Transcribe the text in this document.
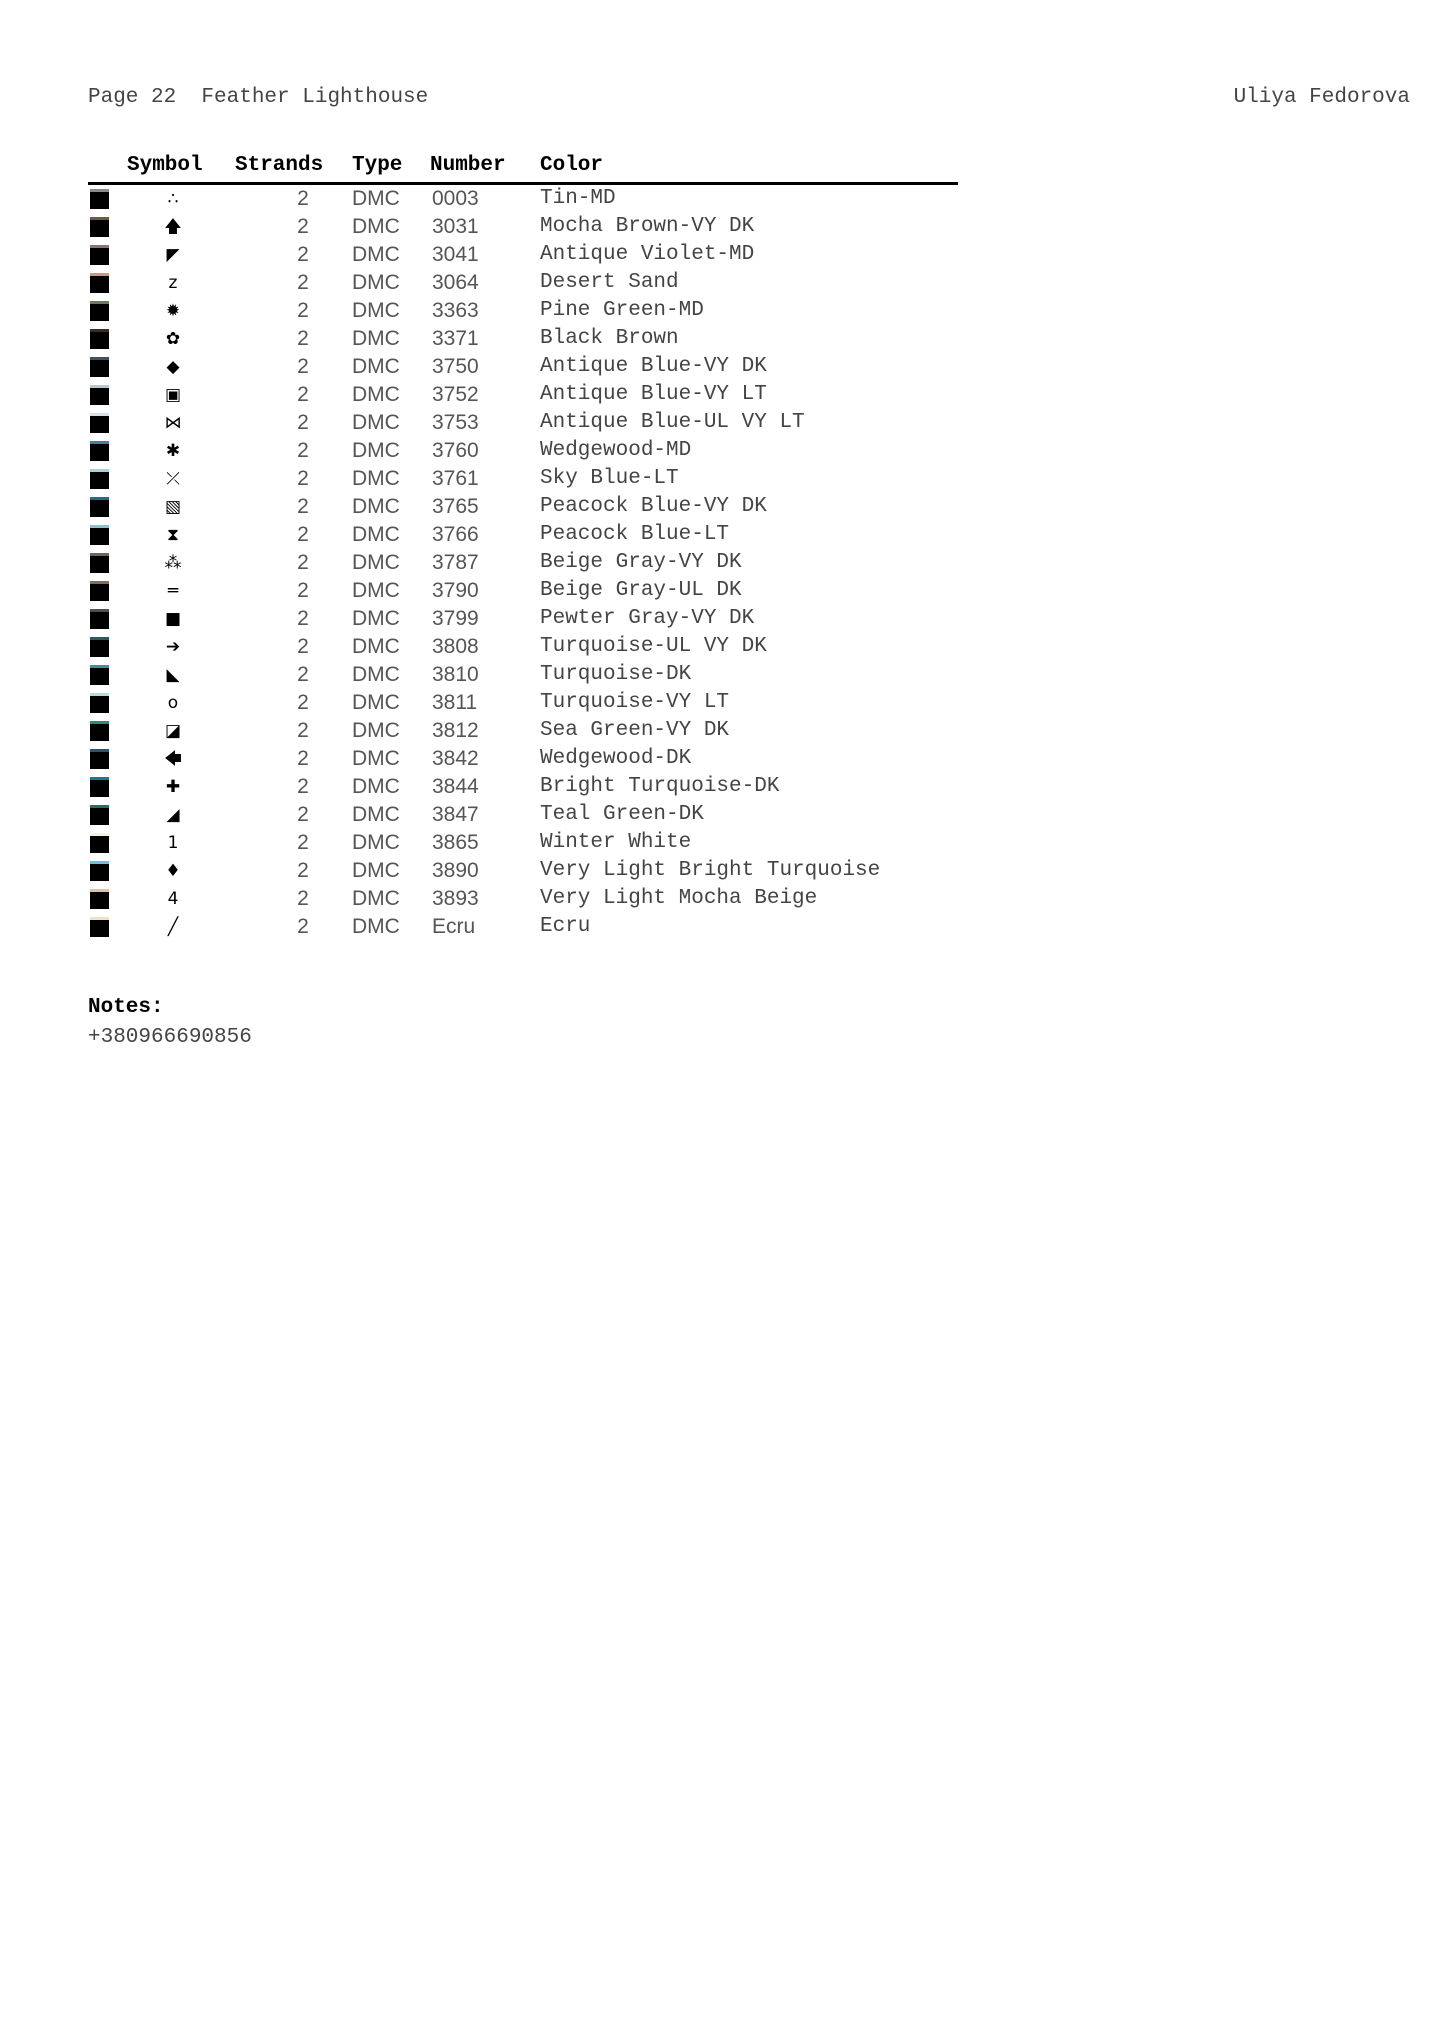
Page 22  Feather Lighthouse	Uliya Fedorova
Symbol Strands Type Number Color
∴	2	DMC 0003	Tin-MD
🡅	2	DMC 3031	Mocha Brown-VY DK
◤	2	DMC 3041	Antique Violet-MD
z	2	DMC 3064	Desert Sand
✹	2	DMC 3363	Pine Green-MD
✿	2	DMC 3371	Black Brown
◆	2	DMC 3750	Antique Blue-VY DK
▣	2	DMC 3752	Antique Blue-VY LT
⋈	2	DMC 3753	Antique Blue-UL VY LT
✱	2	DMC 3760	Wedgewood-MD
⤫	2	DMC 3761	Sky Blue-LT
▧	2	DMC 3765	Peacock Blue-VY DK
⧗	2	DMC 3766	Peacock Blue-LT
⁂	2	DMC 3787	Beige Gray-VY DK
═	2	DMC 3790	Beige Gray-UL DK
■	2	DMC 3799	Pewter Gray-VY DK
➔	2	DMC 3808	Turquoise-UL VY DK
◣	2	DMC 3810	Turquoise-DK
o	2	DMC 3811	Turquoise-VY LT
◪	2	DMC 3812	Sea Green-VY DK
🡄	2	DMC 3842	Wedgewood-DK
✚	2	DMC 3844	Bright Turquoise-DK
◢	2	DMC 3847	Teal Green-DK
1	2	DMC 3865	Winter White
♦	2	DMC 3890	Very Light Bright Turquoise
4	2	DMC 3893	Very Light Mocha Beige
╱	2	DMC Ecru	Ecru
Notes:
+380966690856
